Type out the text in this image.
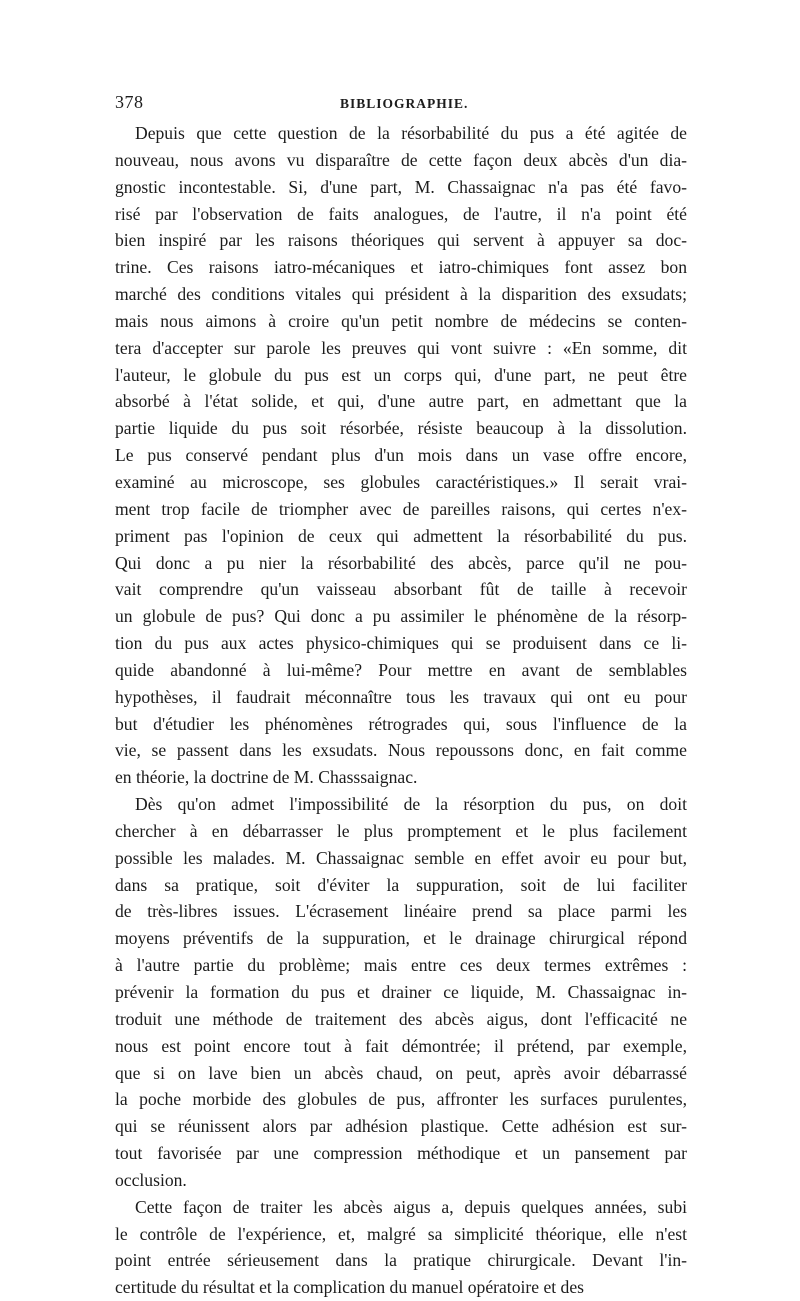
378	BIBLIOGRAPHIE.
Depuis que cette question de la résorbabilité du pus a été agitée de
nouveau, nous avons vu disparaître de cette façon deux abcès d'un dia-
gnostic incontestable. Si, d'une part, M. Chassaignac n'a pas été favo-
risé par l'observation de faits analogues, de l'autre, il n'a point été
bien inspiré par les raisons théoriques qui servent à appuyer sa doc-
trine. Ces raisons iatro-mécaniques et iatro-chimiques font assez bon
marché des conditions vitales qui président à la disparition des exsudats;
mais nous aimons à croire qu'un petit nombre de médecins se conten-
tera d'accepter sur parole les preuves qui vont suivre : «En somme, dit
l'auteur, le globule du pus est un corps qui, d'une part, ne peut être
absorbé à l'état solide, et qui, d'une autre part, en admettant que la
partie liquide du pus soit résorbée, résiste beaucoup à la dissolution.
Le pus conservé pendant plus d'un mois dans un vase offre encore,
examiné au microscope, ses globules caractéristiques.» Il serait vrai-
ment trop facile de triompher avec de pareilles raisons, qui certes n'ex-
priment pas l'opinion de ceux qui admettent la résorbabilité du pus.
Qui donc a pu nier la résorbabilité des abcès, parce qu'il ne pou-
vait comprendre qu'un vaisseau absorbant fût de taille à recevoir
un globule de pus? Qui donc a pu assimiler le phénomène de la résorp-
tion du pus aux actes physico-chimiques qui se produisent dans ce li-
quide abandonné à lui-même? Pour mettre en avant de semblables
hypothèses, il faudrait méconnaître tous les travaux qui ont eu pour
but d'étudier les phénomènes rétrogrades qui, sous l'influence de la
vie, se passent dans les exsudats. Nous repoussons donc, en fait comme
en théorie, la doctrine de M. Chasssaignac.
Dès qu'on admet l'impossibilité de la résorption du pus, on doit
chercher à en débarrasser le plus promptement et le plus facilement
possible les malades. M. Chassaignac semble en effet avoir eu pour but,
dans sa pratique, soit d'éviter la suppuration, soit de lui faciliter
de très-libres issues. L'écrasement linéaire prend sa place parmi les
moyens préventifs de la suppuration, et le drainage chirurgical répond
à l'autre partie du problème; mais entre ces deux termes extrêmes :
prévenir la formation du pus et drainer ce liquide, M. Chassaignac in-
troduit une méthode de traitement des abcès aigus, dont l'efficacité ne
nous est point encore tout à fait démontrée; il prétend, par exemple,
que si on lave bien un abcès chaud, on peut, après avoir débarrassé
la poche morbide des globules de pus, affronter les surfaces purulentes,
qui se réunissent alors par adhésion plastique. Cette adhésion est sur-
tout favorisée par une compression méthodique et un pansement par
occlusion.
Cette façon de traiter les abcès aigus a, depuis quelques années, subi
le contrôle de l'expérience, et, malgré sa simplicité théorique, elle n'est
point entrée sérieusement dans la pratique chirurgicale. Devant l'in-
certitude du résultat et la complication du manuel opératoire et des
